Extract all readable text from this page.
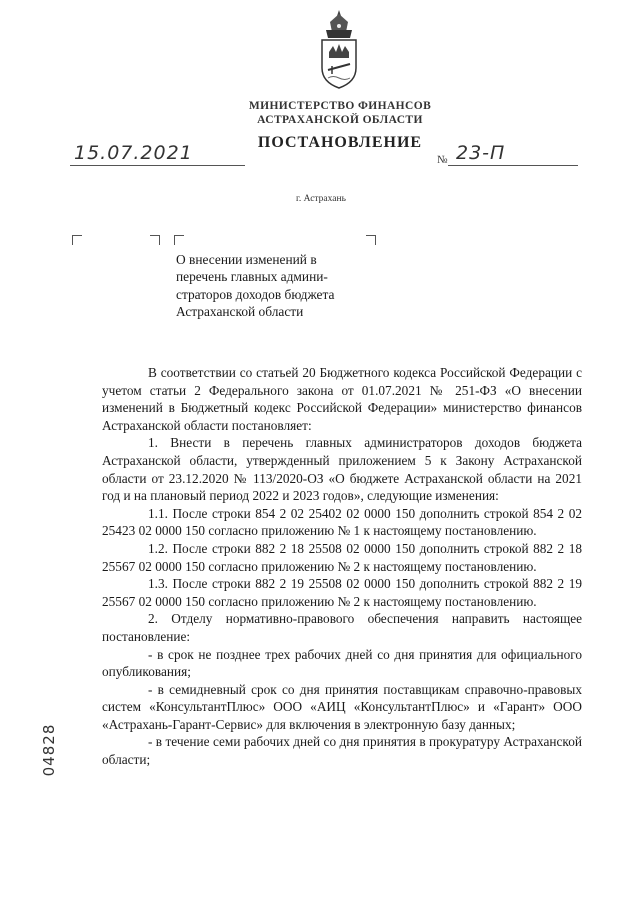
МИНИСТЕРСТВО ФИНАНСОВ
АСТРАХАНСКОЙ ОБЛАСТИ
ПОСТАНОВЛЕНИЕ
15.07.2021	№ 23-П
г. Астрахань
О внесении изменений в
перечень главных админи-
страторов доходов бюджета
Астраханской области

В соответствии со статьей 20 Бюджетного кодекса Российской Федерации с учетом статьи 2 Федерального закона от 01.07.2021 № 251-ФЗ «О внесении изменений в Бюджетный кодекс Российской Федерации» министерство финансов Астраханской области постановляет:

1. Внести в перечень главных администраторов доходов бюджета Астраханской области, утвержденный приложением 5 к Закону Астраханской области от 23.12.2020 № 113/2020-ОЗ «О бюджете Астраханской области на 2021 год и на плановый период 2022 и 2023 годов», следующие изменения:

1.1. После строки 854 2 02 25402 02 0000 150 дополнить строкой 854 2 02 25423 02 0000 150 согласно приложению № 1 к настоящему постановлению.

1.2. После строки 882 2 18 25508 02 0000 150 дополнить строкой 882 2 18 25567 02 0000 150 согласно приложению № 2 к настоящему постановлению.

1.3. После строки 882 2 19 25508 02 0000 150 дополнить строкой 882 2 19 25567 02 0000 150 согласно приложению № 2 к настоящему постановлению.

2. Отделу нормативно-правового обеспечения направить настоящее постановление:

- в срок не позднее трех рабочих дней со дня принятия для официального опубликования;

- в семидневный срок со дня принятия поставщикам справочно-правовых систем «КонсультантПлюс» ООО «АИЦ «КонсультантПлюс» и «Гарант» ООО «Астрахань-Гарант-Сервис» для включения в электронную базу данных;

- в течение семи рабочих дней со дня принятия в прокуратуру Астраханской области;

04828
